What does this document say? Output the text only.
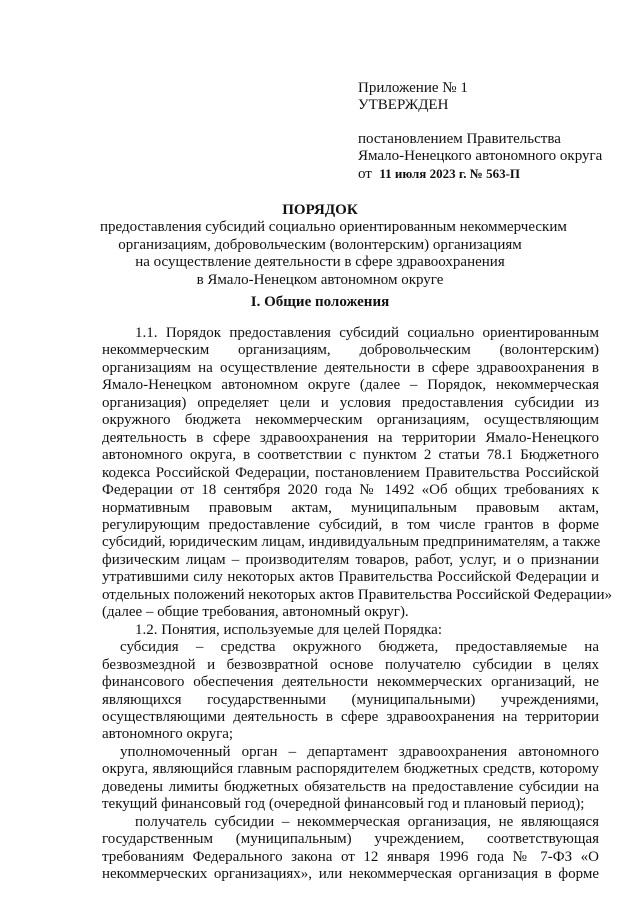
Приложение № 1
УТВЕРЖДЕН
постановлением Правительства
Ямало-Ненецкого автономного округа
от 11 июля 2023 г. № 563-П
ПОРЯДОК
предоставления субсидий социально ориентированным некоммерческим
организациям, добровольческим (волонтерским) организациям
на осуществление деятельности в сфере здравоохранения
в Ямало-Ненецком автономном округе
I. Общие положения
1.1. Порядок предоставления субсидий социально ориентированным
некоммерческим организациям, добровольческим (волонтерским)
организациям на осуществление деятельности в сфере здравоохранения в
Ямало-Ненецком автономном округе (далее – Порядок, некоммерческая
организация) определяет цели и условия предоставления субсидии из
окружного бюджета некоммерческим организациям, осуществляющим
деятельность в сфере здравоохранения на территории Ямало-Ненецкого
автономного округа, в соответствии с пунктом 2 статьи 78.1 Бюджетного
кодекса Российской Федерации, постановлением Правительства Российской
Федерации от 18 сентября 2020 года № 1492 «Об общих требованиях к
нормативным правовым актам, муниципальным правовым актам,
регулирующим предоставление субсидий, в том числе грантов в форме
субсидий, юридическим лицам, индивидуальным предпринимателям, а также
физическим лицам – производителям товаров, работ, услуг, и о признании
утратившими силу некоторых актов Правительства Российской Федерации и
отдельных положений некоторых актов Правительства Российской Федерации»
(далее – общие требования, автономный округ).
1.2. Понятия, используемые для целей Порядка:
субсидия – средства окружного бюджета, предоставляемые на
безвозмездной и безвозвратной основе получателю субсидии в целях
финансового обеспечения деятельности некоммерческих организаций, не
являющихся государственными (муниципальными) учреждениями,
осуществляющими деятельность в сфере здравоохранения на территории
автономного округа;
уполномоченный орган – департамент здравоохранения автономного
округа, являющийся главным распорядителем бюджетных средств, которому
доведены лимиты бюджетных обязательств на предоставление субсидии на
текущий финансовый год (очередной финансовый год и плановый период);
получатель субсидии – некоммерческая организация, не являющаяся
государственным (муниципальным) учреждением, соответствующая
требованиям Федерального закона от 12 января 1996 года № 7-ФЗ «О
некоммерческих организациях», или некоммерческая организация в форме
